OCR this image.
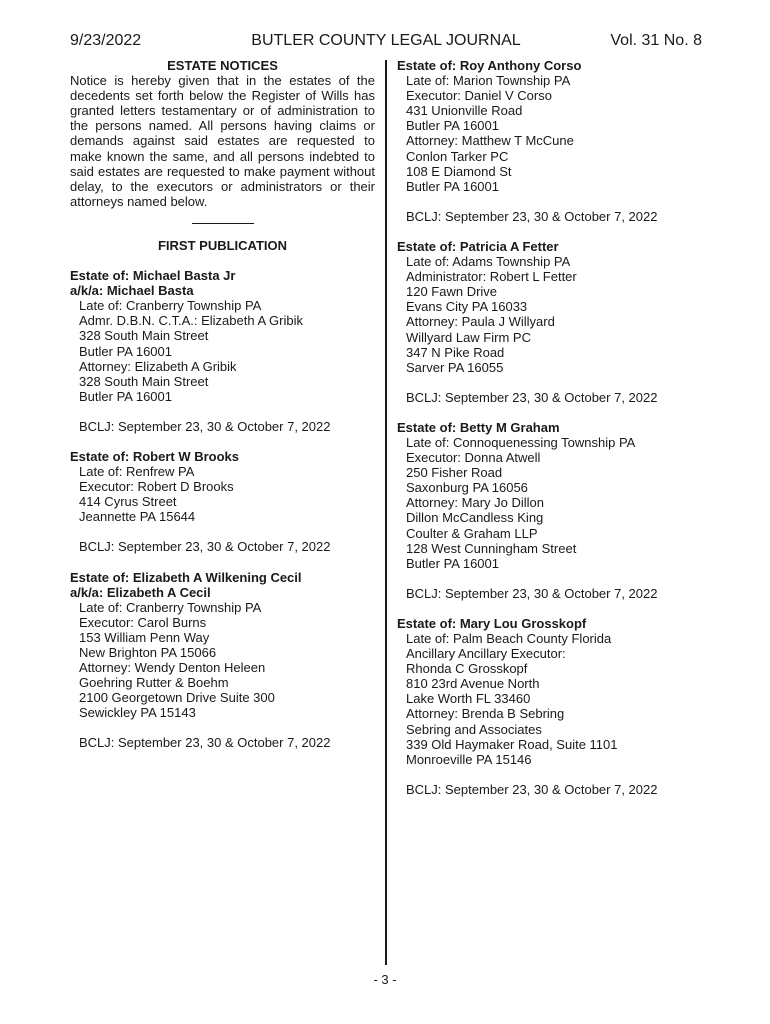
9/23/2022	BUTLER COUNTY LEGAL JOURNAL	Vol. 31 No. 8
ESTATE NOTICES

Notice is hereby given that in the estates of the decedents set forth below the Register of Wills has granted letters testamentary or of administration to the persons named. All persons having claims or demands against said estates are requested to make known the same, and all persons indebted to said estates are requested to make payment without delay, to the executors or administrators or their attorneys named below.

FIRST PUBLICATION
Estate of: Michael Basta Jr
a/k/a: Michael Basta
Late of: Cranberry Township PA
Admr. D.B.N. C.T.A.: Elizabeth A Gribik
328 South Main Street
Butler PA 16001
Attorney: Elizabeth A Gribik
328 South Main Street
Butler PA 16001
BCLJ: September 23, 30 & October 7, 2022
Estate of: Robert W Brooks
Late of: Renfrew PA
Executor: Robert D Brooks
414 Cyrus Street
Jeannette PA 15644
BCLJ: September 23, 30 & October 7, 2022
Estate of: Elizabeth A Wilkening Cecil
a/k/a: Elizabeth A Cecil
Late of: Cranberry Township PA
Executor: Carol Burns
153 William Penn Way
New Brighton PA 15066
Attorney: Wendy Denton Heleen
Goehring Rutter & Boehm
2100 Georgetown Drive Suite 300
Sewickley PA 15143
BCLJ: September 23, 30 & October 7, 2022
Estate of: Roy Anthony Corso
Late of: Marion Township PA
Executor: Daniel V Corso
431 Unionville Road
Butler PA 16001
Attorney: Matthew T McCune
Conlon Tarker PC
108 E Diamond St
Butler PA 16001
BCLJ: September 23, 30 & October 7, 2022
Estate of: Patricia A Fetter
Late of: Adams Township PA
Administrator: Robert L Fetter
120 Fawn Drive
Evans City PA 16033
Attorney: Paula J Willyard
Willyard Law Firm PC
347 N Pike Road
Sarver PA 16055
BCLJ: September 23, 30 & October 7, 2022
Estate of: Betty M Graham
Late of: Connoquenessing Township PA
Executor: Donna Atwell
250 Fisher Road
Saxonburg PA 16056
Attorney: Mary Jo Dillon
Dillon McCandless King
Coulter & Graham LLP
128 West Cunningham Street
Butler PA 16001
BCLJ: September 23, 30 & October 7, 2022
Estate of: Mary Lou Grosskopf
Late of: Palm Beach County Florida
Ancillary Ancillary Executor:
Rhonda C Grosskopf
810 23rd Avenue North
Lake Worth FL 33460
Attorney: Brenda B Sebring
Sebring and Associates
339 Old Haymaker Road, Suite 1101
Monroeville PA 15146
BCLJ: September 23, 30 & October 7, 2022
- 3 -
